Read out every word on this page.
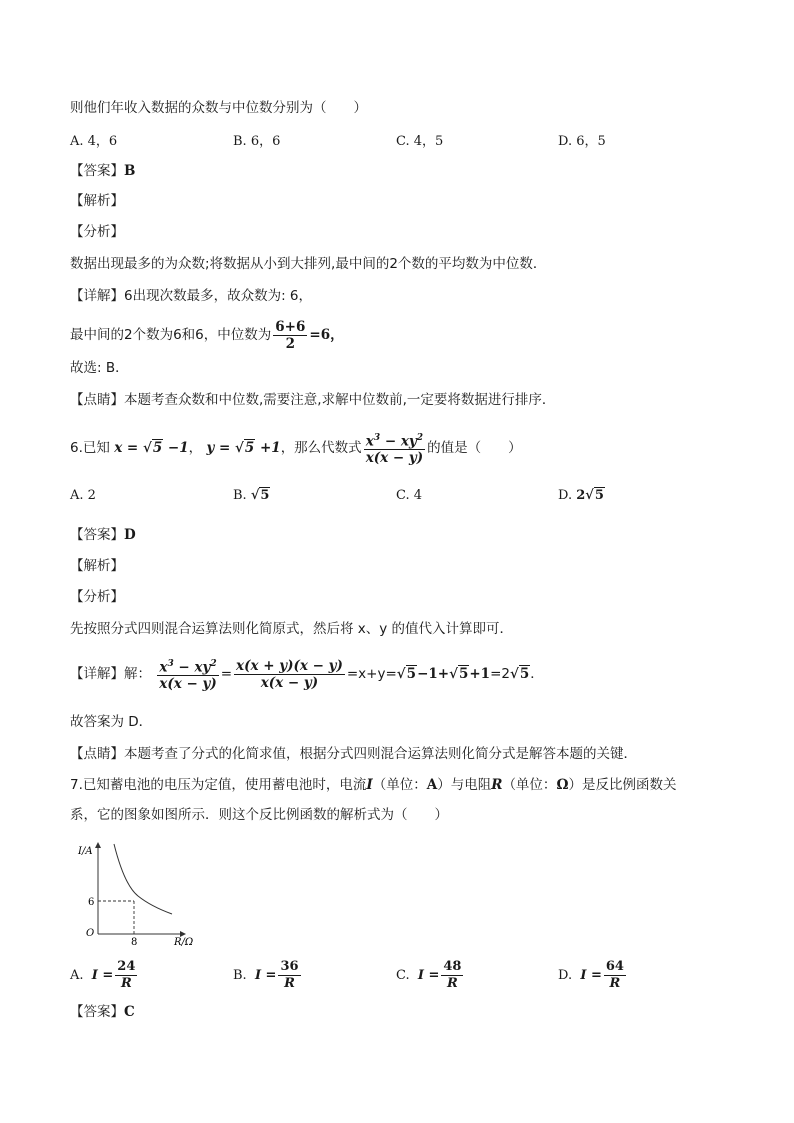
则他们年收入数据的众数与中位数分别为（　　）
A. 4，6	B. 6，6	C. 4，5	D. 6，5
【答案】B
【解析】
【分析】
数据出现最多的为众数;将数据从小到大排列,最中间的2个数的平均数为中位数．
【详解】6出现次数最多，故众数为: 6，
最中间的2个数为6和6，中位数为 $\frac{6+6}{2} =6$，
故选: B．
【点睛】本题考查众数和中位数,需要注意,求解中位数前,一定要将数据进行排序．
6.已知 x = √5 −1， y = √5 +1，那么代数式 $\frac{x^3 - xy^2}{x(x - y)}$ 的值是（　　）
A. 2	B. √5	C. 4	D. 2√5
【答案】D
【解析】
【分析】
先按照分式四则混合运算法则化简原式，然后将 x、y 的值代入计算即可．
【详解】解： $\frac{x^3 - xy^2}{x(x - y)} = \frac{x(x + y)(x - y)}{x(x - y)} =x+y=√5-1+√5+1=2√5$．
故答案为 D．
【点睛】本题考查了分式的化简求值，根据分式四则混合运算法则化简分式是解答本题的关键．
7.已知蓄电池的电压为定值，使用蓄电池时，电流I（单位：A）与电阻R（单位：Ω）是反比例函数关
系，它的图象如图所示．则这个反比例函数的解析式为（　　）
I/A
6
O
8	R/Ω
A. $I = \frac{24}{R}$	B. $I = \frac{36}{R}$	C. $I = \frac{48}{R}$	D. $I = \frac{64}{R}$
【答案】C
